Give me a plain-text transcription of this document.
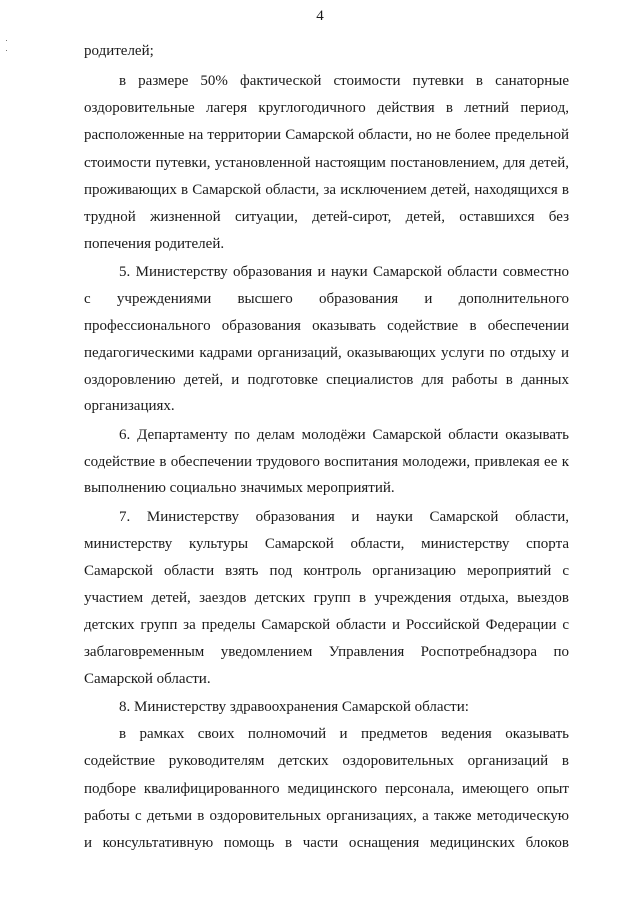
4
родителей;
в размере 50% фактической стоимости путевки в санаторные
оздоровительные лагеря круглогодичного действия в летний период,
расположенные на территории Самарской области, но не более предельной
стоимости путевки, установленной настоящим постановлением, для детей,
проживающих в Самарской области, за исключением детей, находящихся в
трудной жизненной ситуации, детей-сирот, детей, оставшихся без
попечения родителей.
5. Министерству образования и науки Самарской области совместно
с учреждениями высшего образования и дополнительного
профессионального образования оказывать содействие в обеспечении
педагогическими кадрами организаций, оказывающих услуги по отдыху и
оздоровлению детей, и подготовке специалистов для работы в данных
организациях.
6. Департаменту по делам молодёжи Самарской области оказывать
содействие в обеспечении трудового воспитания молодежи, привлекая ее к
выполнению социально значимых мероприятий.
7. Министерству образования и науки Самарской области,
министерству культуры Самарской области, министерству спорта
Самарской области взять под контроль организацию мероприятий с
участием детей, заездов детских групп в учреждения отдыха, выездов
детских групп за пределы Самарской области и Российской Федерации с
заблаговременным уведомлением Управления Роспотребнадзора по
Самарской области.
8. Министерству здравоохранения Самарской области:
в рамках своих полномочий и предметов ведения оказывать
содействие руководителям детских оздоровительных организаций в
подборе квалифицированного медицинского персонала, имеющего опыт
работы с детьми в оздоровительных организациях, а также методическую
и консультативную помощь в части оснащения медицинских блоков
